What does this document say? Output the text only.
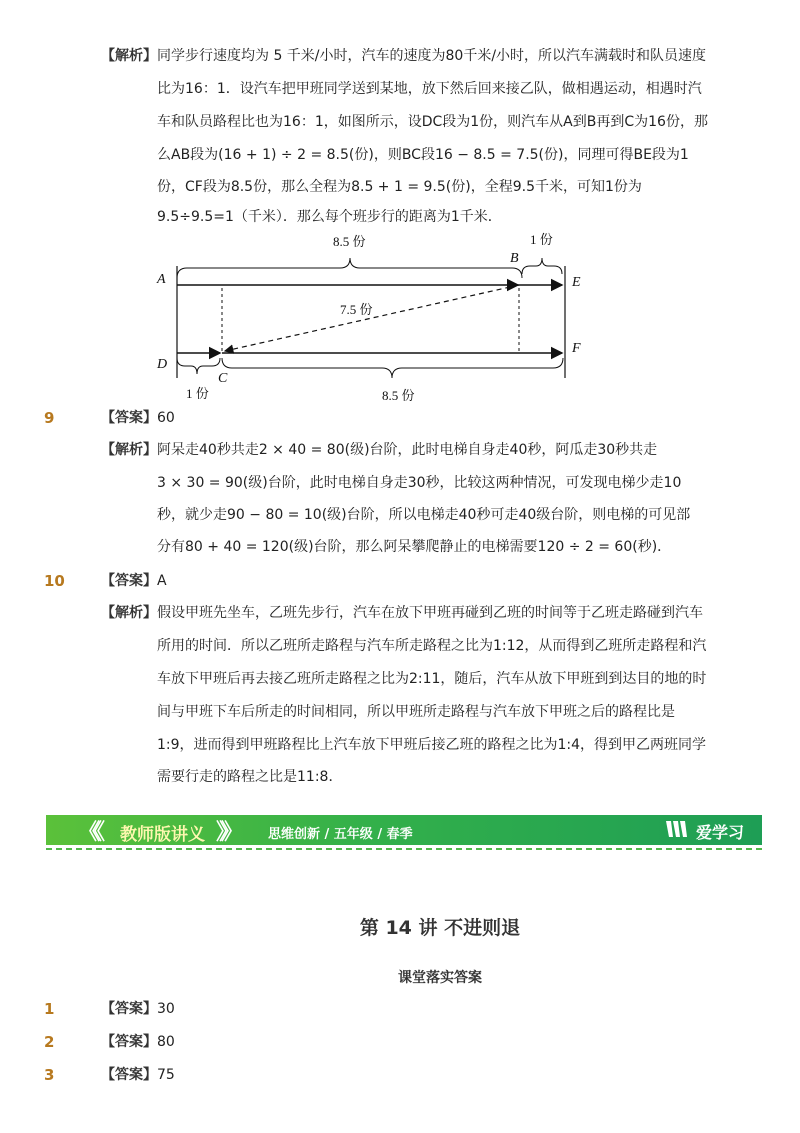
【解析】 同学步行速度均为 5 千米/小时，汽车的速度为80千米/小时，所以汽车满载时和队员速度
比为16：1．设汽车把甲班同学送到某地，放下然后回来接乙队，做相遇运动，相遇时汽
车和队员路程比也为16：1，如图所示，设DC段为1份，则汽车从A到B再到C为16份，那
么AB段为(16 + 1) ÷ 2 = 8.5(份)，则BC段16 − 8.5 = 7.5(份)，同理可得BE段为1
份，CF段为8.5份，那么全程为8.5 + 1 = 9.5(份)，全程9.5千米，可知1份为
9.5÷9.5=1（千米）．那么每个班步行的距离为1千米．
8.5 份	1 份
7.5 份
1 份	8.5 份
A
B
E
D
C
F
9	【答案】 60
【解析】 阿呆走40秒共走2 × 40 = 80(级)台阶，此时电梯自身走40秒，阿瓜走30秒共走
3 × 30 = 90(级)台阶，此时电梯自身走30秒，比较这两种情况，可发现电梯少走10
秒，就少走90 − 80 = 10(级)台阶，所以电梯走40秒可走40级台阶，则电梯的可见部
分有80 + 40 = 120(级)台阶，那么阿呆攀爬静止的电梯需要120 ÷ 2 = 60(秒)．
10	【答案】 A
【解析】 假设甲班先坐车，乙班先步行，汽车在放下甲班再碰到乙班的时间等于乙班走路碰到汽车
所用的时间．所以乙班所走路程与汽车所走路程之比为1:12，从而得到乙班所走路程和汽
车放下甲班后再去接乙班所走路程之比为2:11，随后，汽车从放下甲班到到达目的地的时
间与甲班下车后所走的时间相同，所以甲班所走路程与汽车放下甲班之后的路程比是
1:9，进而得到甲班路程比上汽车放下甲班后接乙班的路程之比为1:4，得到甲乙两班同学
需要行走的路程之比是11:8．
《《 教师版讲义 》》 思维创新 / 五年级 / 春季	爱学习
第 14 讲 不进则退
课堂落实答案
1	【答案】 30
2	【答案】 80
3	【答案】 75
